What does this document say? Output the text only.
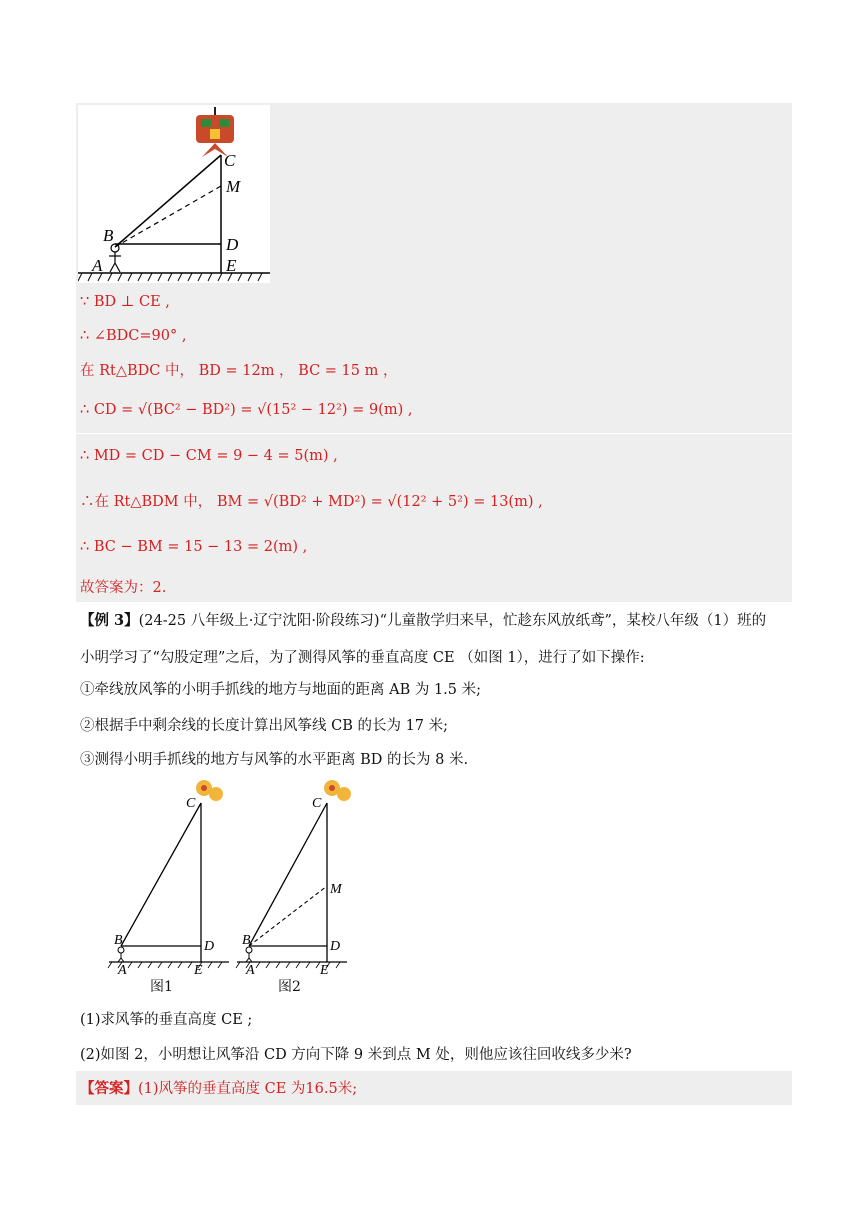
C
M
B	D
A	E
∵ BD ⊥ CE ,
∴ ∠BDC=90° ,
在 Rt△BDC 中， BD = 12m ， BC = 15 m ，
∴ CD = √(BC² − BD²) = √(15² − 12²) = 9(m) ,
∴ MD = CD − CM = 9 − 4 = 5(m) ,
∴在 Rt△BDM 中， BM = √(BD² + MD²) = √(12² + 5²) = 13(m) ,
∴ BC − BM = 15 − 13 = 2(m) ,
故答案为：2.
【例 3】(24-25 八年级上·辽宁沈阳·阶段练习)“儿童散学归来早，忙趁东风放纸鸢”，某校八年级（1）班的
小明学习了“勾股定理”之后，为了测得风筝的垂直高度 CE （如图 1），进行了如下操作:
①牵线放风筝的小明手抓线的地方与地面的距离 AB 为 1.5 米;
②根据手中剩余线的长度计算出风筝线 CB 的长为 17 米;
③测得小明手抓线的地方与风筝的水平距离 BD 的长为 8 米.
C
B	D
A	E
图1
C
M
B	D
A	E
图2
(1)求风筝的垂直高度 CE ;
(2)如图 2，小明想让风筝沿 CD 方向下降 9 米到点 M 处，则他应该往回收线多少米?
【答案】(1)风筝的垂直高度 CE 为16.5米;
